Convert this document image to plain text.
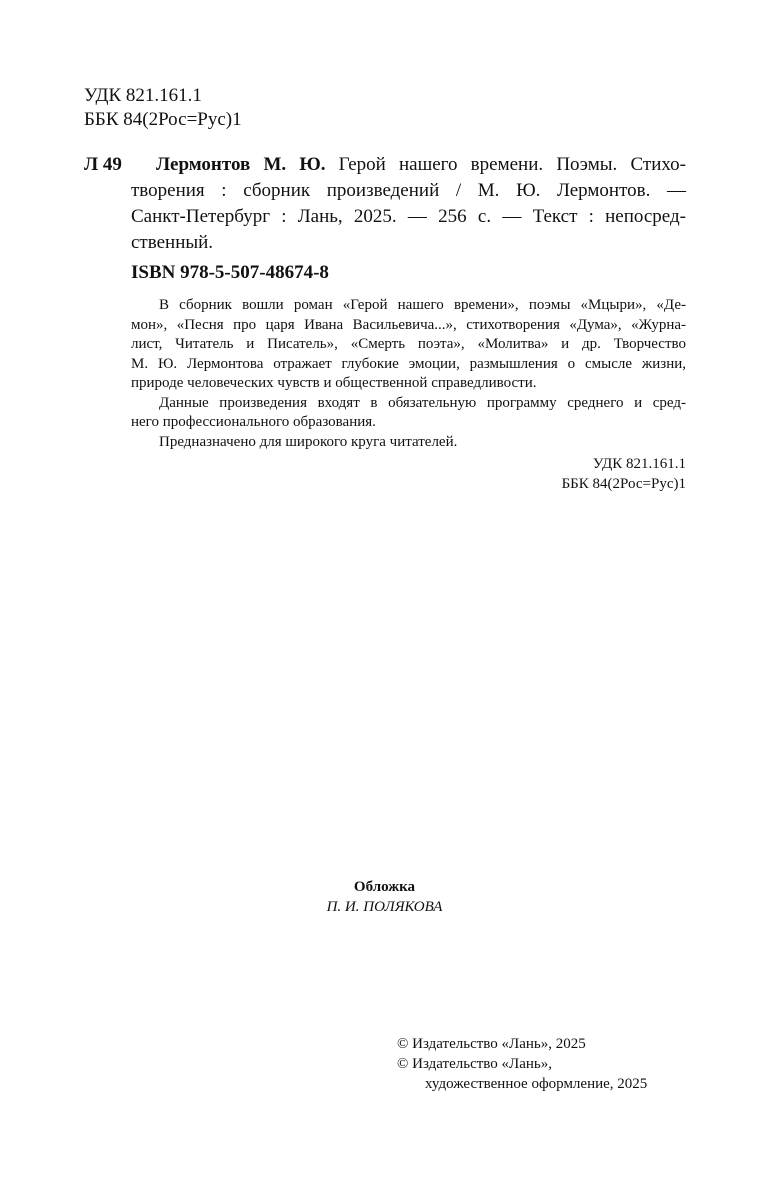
УДК 821.161.1
ББК 84(2Рос=Рус)1
Л 49	Лермонтов М. Ю. Герой нашего времени. Поэмы. Стихо-
творения : сборник произведений / М. Ю. Лермонтов. —
Санкт-Петербург : Лань, 2025. — 256 с. — Текст : непосред-
ственный.
ISBN 978-5-507-48674-8
В сборник вошли роман «Герой нашего времени», поэмы «Мцыри», «Де-
мон», «Песня про царя Ивана Васильевича...», стихотворения «Дума», «Журна-
лист, Читатель и Писатель», «Смерть поэта», «Молитва» и др. Творчество
М. Ю. Лермонтова отражает глубокие эмоции, размышления о смысле жизни,
природе человеческих чувств и общественной справедливости.
Данные произведения входят в обязательную программу среднего и сред-
него профессионального образования.
Предназначено для широкого круга читателей.
УДК 821.161.1
ББК 84(2Рос=Рус)1
Обложка
П. И. ПОЛЯКОВА
© Издательство «Лань», 2025
© Издательство «Лань»,
художественное оформление, 2025
